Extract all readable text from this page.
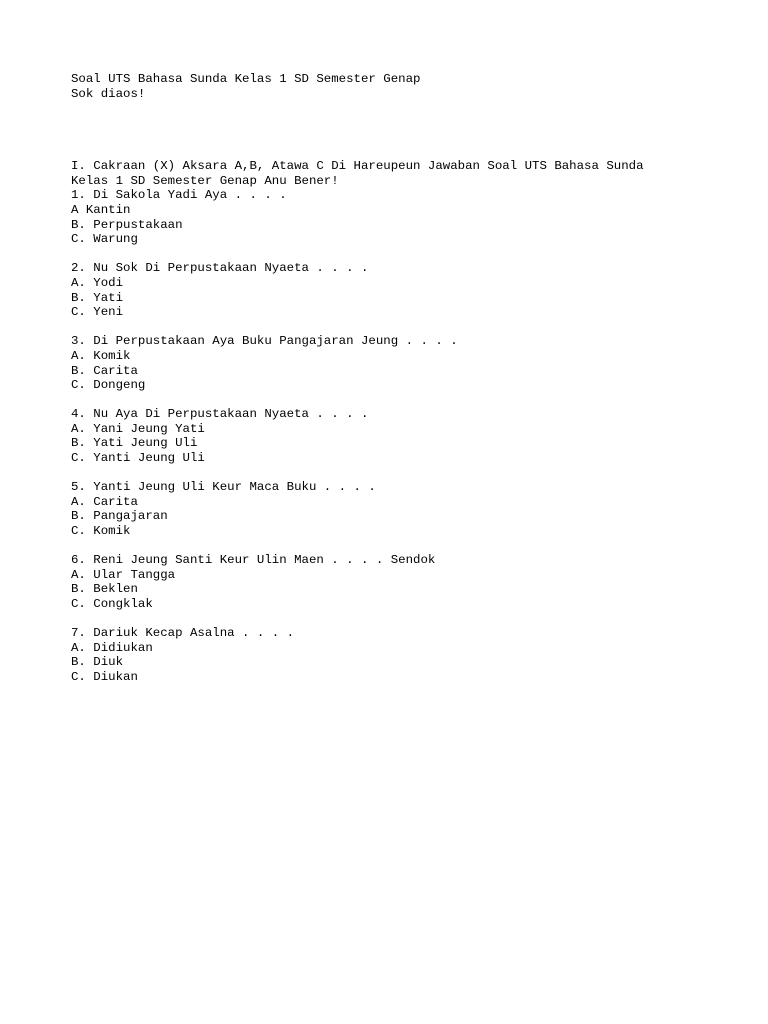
Soal UTS Bahasa Sunda Kelas 1 SD Semester Genap
Sok diaos!
I. Cakraan (X) Aksara A,B, Atawa C Di Hareupeun Jawaban Soal UTS Bahasa Sunda Kelas 1 SD Semester Genap Anu Bener!
1. Di Sakola Yadi Aya . . . .
A Kantin
B. Perpustakaan
C. Warung
2. Nu Sok Di Perpustakaan Nyaeta . . . .
A. Yodi
B. Yati
C. Yeni
3. Di Perpustakaan Aya Buku Pangajaran Jeung . . . .
A. Komik
B. Carita
C. Dongeng
4. Nu Aya Di Perpustakaan Nyaeta . . . .
A. Yani Jeung Yati
B. Yati Jeung Uli
C. Yanti Jeung Uli
5. Yanti Jeung Uli Keur Maca Buku . . . .
A. Carita
B. Pangajaran
C. Komik
6. Reni Jeung Santi Keur Ulin Maen . . . . Sendok
A. Ular Tangga
B. Beklen
C. Congklak
7. Dariuk Kecap Asalna . . . .
A. Didiukan
B. Diuk
C. Diukan
